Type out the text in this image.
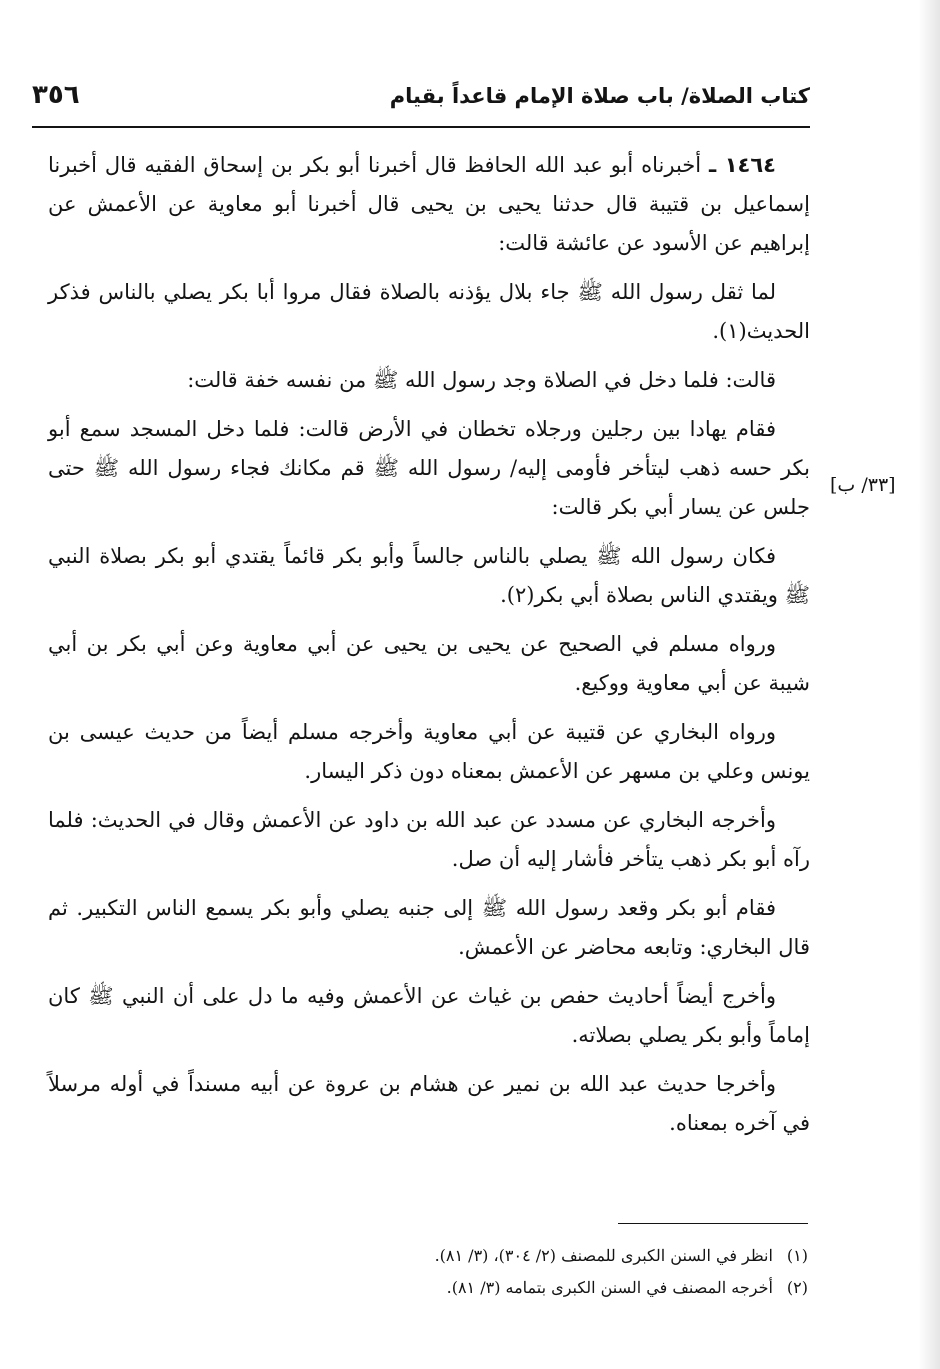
كتاب الصلاة/ باب صلاة الإمام قاعداً بقيام
٣٥٦
[٣٣/ ب]

١٤٦٤ ـ أخبرناه أبو عبد الله الحافظ قال أخبرنا أبو بكر بن إسحاق الفقيه قال أخبرنا إسماعيل بن قتيبة قال حدثنا يحيى بن يحيى قال أخبرنا أبو معاوية عن الأعمش عن إبراهيم عن الأسود عن عائشة قالت:

لما ثقل رسول الله ﷺ جاء بلال يؤذنه بالصلاة فقال مروا أبا بكر يصلي بالناس فذكر الحديث(١).

قالت: فلما دخل في الصلاة وجد رسول الله ﷺ من نفسه خفة قالت:

فقام يهادا بين رجلين ورجلاه تخطان في الأرض قالت: فلما دخل المسجد سمع أبو بكر حسه ذهب ليتأخر فأومى إليه/ رسول الله ﷺ قم مكانك فجاء رسول الله ﷺ حتى جلس عن يسار أبي بكر قالت:

فكان رسول الله ﷺ يصلي بالناس جالساً وأبو بكر قائماً يقتدي أبو بكر بصلاة النبي ﷺ ويقتدي الناس بصلاة أبي بكر(٢).

ورواه مسلم في الصحيح عن يحيى بن يحيى عن أبي معاوية وعن أبي بكر بن أبي شيبة عن أبي معاوية ووكيع.

ورواه البخاري عن قتيبة عن أبي معاوية وأخرجه مسلم أيضاً من حديث عيسى بن يونس وعلي بن مسهر عن الأعمش بمعناه دون ذكر اليسار.

وأخرجه البخاري عن مسدد عن عبد الله بن داود عن الأعمش وقال في الحديث: فلما رآه أبو بكر ذهب يتأخر فأشار إليه أن صل.

فقام أبو بكر وقعد رسول الله ﷺ إلى جنبه يصلي وأبو بكر يسمع الناس التكبير. ثم قال البخاري: وتابعه محاضر عن الأعمش.

وأخرج أيضاً أحاديث حفص بن غياث عن الأعمش وفيه ما دل على أن النبي ﷺ كان إماماً وأبو بكر يصلي بصلاته.

وأخرجا حديث عبد الله بن نمير عن هشام بن عروة عن أبيه مسنداً في أوله مرسلاً في آخره بمعناه.

(١) انظر في السنن الكبرى للمصنف (٢/ ٣٠٤)، (٣/ ٨١).
(٢) أخرجه المصنف في السنن الكبرى بتمامه (٣/ ٨١).
